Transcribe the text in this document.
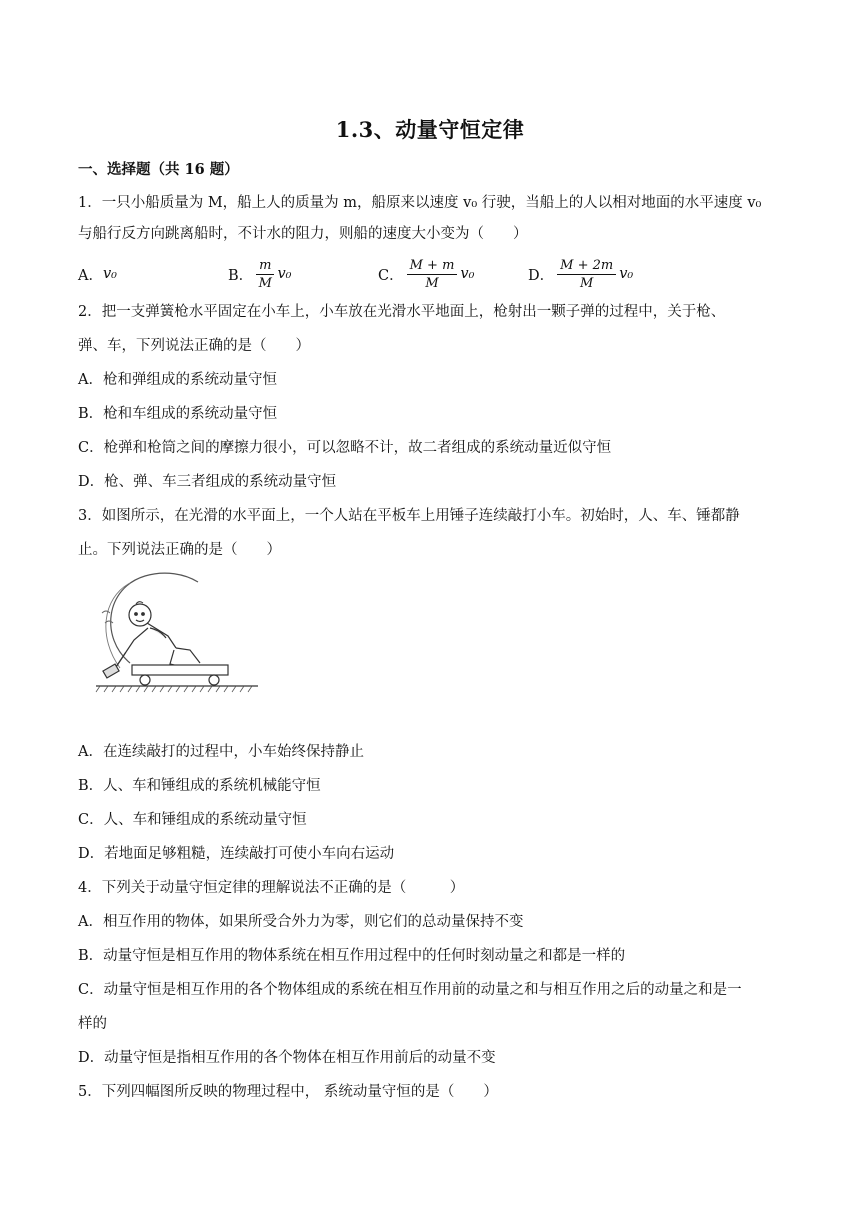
1.3、动量守恒定律
一、选择题（共 16 题）
1．一只小船质量为 M，船上人的质量为 m，船原来以速度 v₀ 行驶，当船上的人以相对地面的水平速度 v₀
与船行反方向跳离船时，不计水的阻力，则船的速度大小变为（　　）
A． v₀	B． $\frac{m}{M} v_0$	C． $\frac{M + m}{M} v_0$	D． $\frac{M + 2m}{M} v_0$
2．把一支弹簧枪水平固定在小车上，小车放在光滑水平地面上，枪射出一颗子弹的过程中，关于枪、
弹、车，下列说法正确的是（　　）
A．枪和弹组成的系统动量守恒
B．枪和车组成的系统动量守恒
C．枪弹和枪筒之间的摩擦力很小，可以忽略不计，故二者组成的系统动量近似守恒
D．枪、弹、车三者组成的系统动量守恒
3．如图所示，在光滑的水平面上，一个人站在平板车上用锤子连续敲打小车。初始时，人、车、锤都静
止。下列说法正确的是（　　）
A．在连续敲打的过程中，小车始终保持静止
B．人、车和锤组成的系统机械能守恒
C．人、车和锤组成的系统动量守恒
D．若地面足够粗糙，连续敲打可使小车向右运动
4．下列关于动量守恒定律的理解说法不正确的是（　　　）
A．相互作用的物体，如果所受合外力为零，则它们的总动量保持不变
B．动量守恒是相互作用的物体系统在相互作用过程中的任何时刻动量之和都是一样的
C．动量守恒是相互作用的各个物体组成的系统在相互作用前的动量之和与相互作用之后的动量之和是一
样的
D．动量守恒是指相互作用的各个物体在相互作用前后的动量不变
5．下列四幅图所反映的物理过程中， 系统动量守恒的是（　　）
